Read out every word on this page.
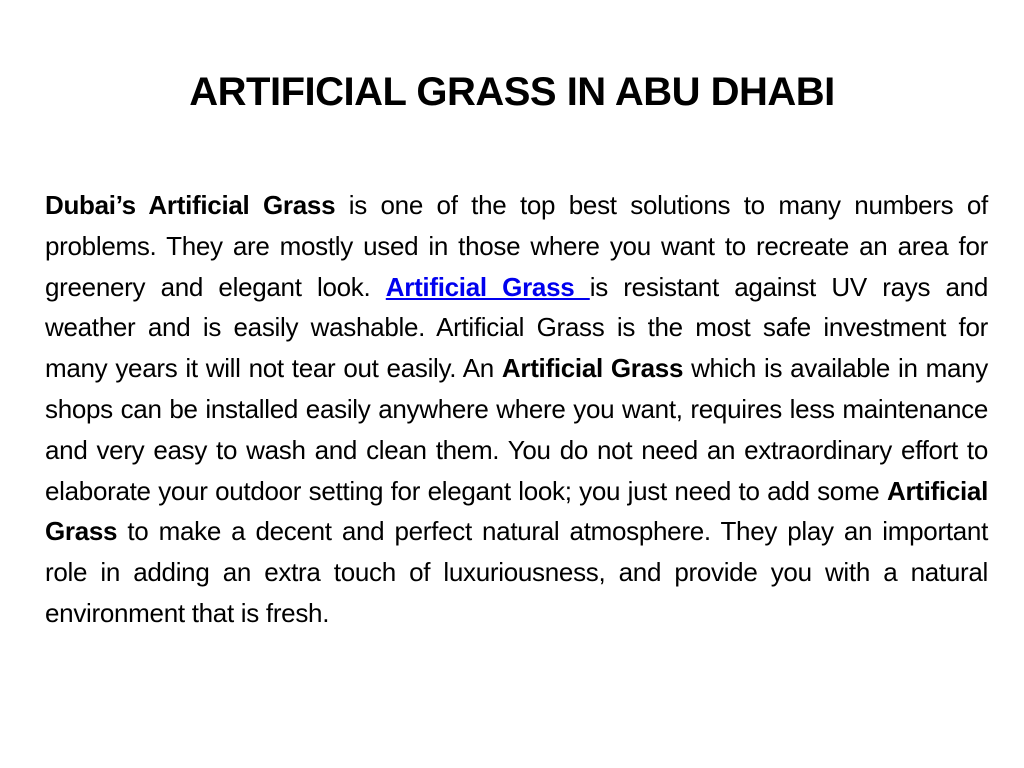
ARTIFICIAL GRASS IN ABU DHABI

Dubai’s Artificial Grass is one of the top best solutions to many numbers of problems. They are mostly used in those where you want to recreate an area for greenery and elegant look. Artificial Grass is resistant against UV rays and weather and is easily washable. Artificial Grass is the most safe investment for many years it will not tear out easily. An Artificial Grass which is available in many shops can be installed easily anywhere where you want, requires less maintenance and very easy to wash and clean them. You do not need an extraordinary effort to elaborate your outdoor setting for elegant look; you just need to add some Artificial Grass to make a decent and perfect natural atmosphere. They play an important role in adding an extra touch of luxuriousness, and provide you with a natural environment that is fresh.
